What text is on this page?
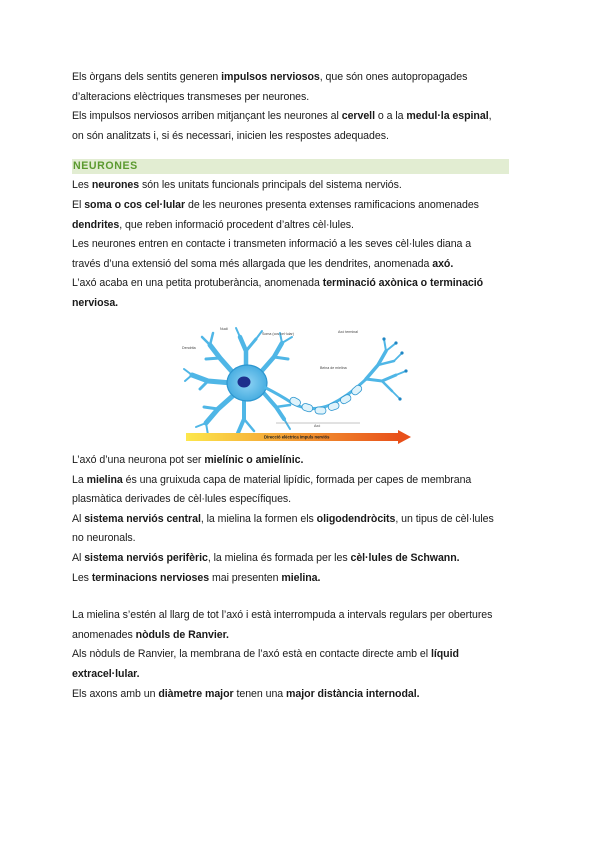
Els òrgans dels sentits generen impulsos nerviosos, que són ones autopropagades

d’alteracions elèctriques transmeses per neurones.

Els impulsos nerviosos arriben mitjançant les neurones al cervell o a la medul·la espinal,

on són analitzats i, si és necessari, inicien les respostes adequades.

NEURONES

Les neurones són les unitats funcionals principals del sistema nerviós.

El soma o cos cel·lular de les neurones presenta extenses ramificacions anomenades

dendrites, que reben informació procedent d’altres cèl·lules.

Les neurones entren en contacte i transmeten informació a les seves cèl·lules diana a

través d’una extensió del soma més allargada que les dendrites, anomenada axó.

L’axó acaba en una petita protuberància, anomenada terminació axònica o terminació

nerviosa.

Nucli
Soma (cos cel·lular)
Dendrita
Axó terminal
Beina de mielina
Axó
Direcció elèctrica impuls nerviós

L’axó d’una neurona pot ser mielínic o amielínic.

La mielina és una gruixuda capa de material lipídic, formada per capes de membrana

plasmàtica derivades de cèl·lules específiques.

Al sistema nerviós central, la mielina la formen els oligodendròcits, un tipus de cèl·lules

no neuronals.

Al sistema nerviós perifèric, la mielina és formada per les cèl·lules de Schwann.

Les terminacions nervioses mai presenten mielina.

La mielina s’estén al llarg de tot l’axó i està interrompuda a intervals regulars per obertures

anomenades nòduls de Ranvier.

Als nòduls de Ranvier, la membrana de l’axó està en contacte directe amb el líquid

extracel·lular.

Els axons amb un diàmetre major tenen una major distància internodal.
